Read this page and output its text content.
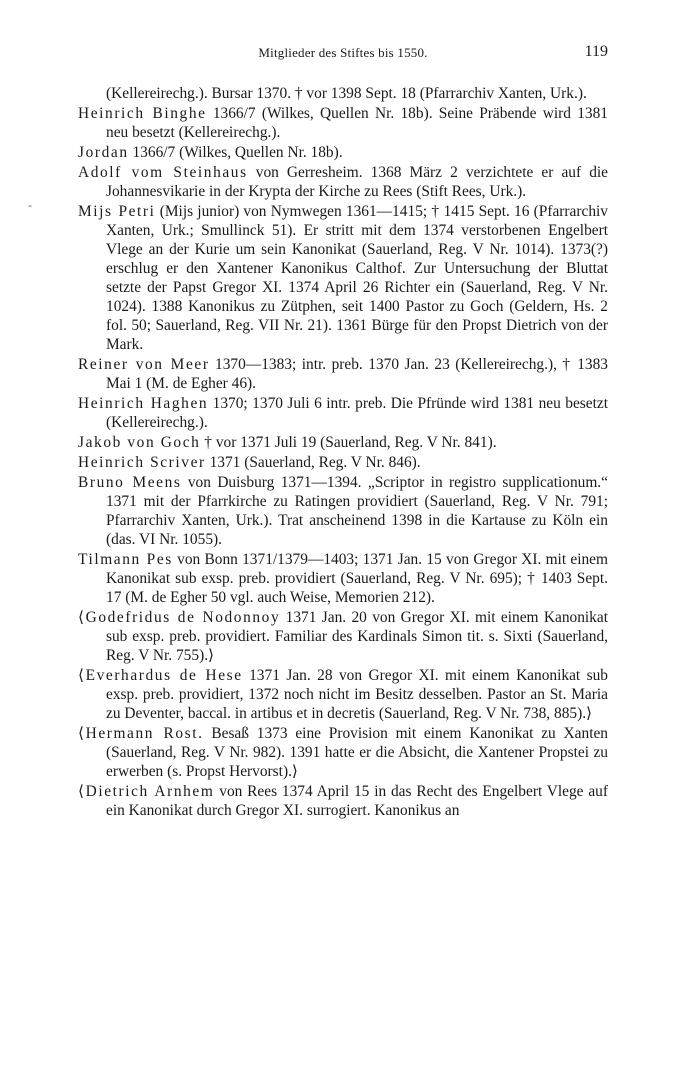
Mitglieder des Stiftes bis 1550.	119
-

(Kellereirechg.). Bursar 1370. † vor 1398 Sept. 18 (Pfarrarchiv Xanten, Urk.).

Heinrich Binghe 1366/7 (Wilkes, Quellen Nr. 18b). Seine Präbende wird 1381 neu besetzt (Kellereirechg.).

Jordan 1366/7 (Wilkes, Quellen Nr. 18b).

Adolf vom Steinhaus von Gerresheim. 1368 März 2 verzichtete er auf die Johannesvikarie in der Krypta der Kirche zu Rees (Stift Rees, Urk.).

Mijs Petri (Mijs junior) von Nymwegen 1361—1415; † 1415 Sept. 16 (Pfarrarchiv Xanten, Urk.; Smullinck 51). Er stritt mit dem 1374 verstorbenen Engelbert Vlege an der Kurie um sein Kanonikat (Sauerland, Reg. V Nr. 1014). 1373(?) erschlug er den Xantener Kanonikus Calthof. Zur Untersuchung der Bluttat setzte der Papst Gregor XI. 1374 April 26 Richter ein (Sauerland, Reg. V Nr. 1024). 1388 Kanonikus zu Zütphen, seit 1400 Pastor zu Goch (Geldern, Hs. 2 fol. 50; Sauerland, Reg. VII Nr. 21). 1361 Bürge für den Propst Dietrich von der Mark.

Reiner von Meer 1370—1383; intr. preb. 1370 Jan. 23 (Kellereirechg.), † 1383 Mai 1 (M. de Egher 46).

Heinrich Haghen 1370; 1370 Juli 6 intr. preb. Die Pfründe wird 1381 neu besetzt (Kellereirechg.).

Jakob von Goch † vor 1371 Juli 19 (Sauerland, Reg. V Nr. 841).

Heinrich Scriver 1371 (Sauerland, Reg. V Nr. 846).

Bruno Meens von Duisburg 1371—1394. „Scriptor in registro supplicationum.“ 1371 mit der Pfarrkirche zu Ratingen providiert (Sauerland, Reg. V Nr. 791; Pfarrarchiv Xanten, Urk.). Trat anscheinend 1398 in die Kartause zu Köln ein (das. VI Nr. 1055).

Tilmann Pes von Bonn 1371/1379—1403; 1371 Jan. 15 von Gregor XI. mit einem Kanonikat sub exsp. preb. providiert (Sauerland, Reg. V Nr. 695); † 1403 Sept. 17 (M. de Egher 50 vgl. auch Weise, Memorien 212).

⟨Godefridus de Nodonnoy 1371 Jan. 20 von Gregor XI. mit einem Kanonikat sub exsp. preb. providiert. Familiar des Kardinals Simon tit. s. Sixti (Sauerland, Reg. V Nr. 755).⟩

⟨Everhardus de Hese 1371 Jan. 28 von Gregor XI. mit einem Kanonikat sub exsp. preb. providiert, 1372 noch nicht im Besitz desselben. Pastor an St. Maria zu Deventer, baccal. in artibus et in decretis (Sauerland, Reg. V Nr. 738, 885).⟩

⟨Hermann Rost. Besaß 1373 eine Provision mit einem Kanonikat zu Xanten (Sauerland, Reg. V Nr. 982). 1391 hatte er die Absicht, die Xantener Propstei zu erwerben (s. Propst Hervorst).⟩

⟨Dietrich Arnhem von Rees 1374 April 15 in das Recht des Engelbert Vlege auf ein Kanonikat durch Gregor XI. surrogiert. Kanonikus an
